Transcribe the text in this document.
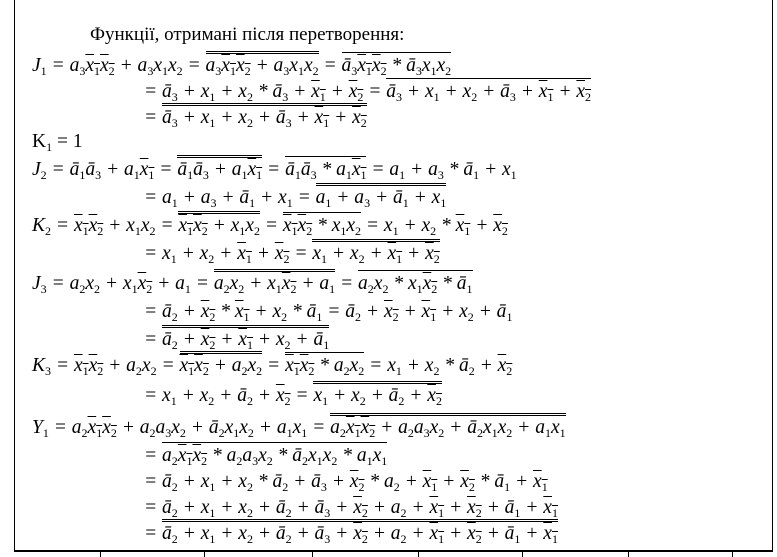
Функції, отримані після перетворення:
$J_1 = a_3x_1x_2 + a_3x_1x_2 = a_3x_1x_2 + a_3x_1x_2$ = $ā_3x_1x_2$ * $ā_3x_1x_2$
= $ā_3 + x_1 + x_2$ * $ā_3 + x_1 + x_2$ = $ā_3 + x_1 + x_2$ + $ā_3 + x_1 + x_2$
= $ā_3 + x_1 + x_2$ + $ā_3 + x_1 + x_2$
$K_1 = 1$
$J_2$ = $ā_1ā_3 + a_1x_1$ = $ā_1ā_3 + a_1x_1$ = $ā_1ā_3 * a_1x_1 = a_1 + a_3$ * $ā_1 + x_1$
= $a_1 + a_3$ + $ā_1 + x_1 = a_1 + a_3$ + $ā_1 + x_1$
$K_2 = x_1x_2 + x_1x_2 = x_1x_2 + x_1x_2 = x_1x_2 * x_1x_2 = x_1 + x_2 * x_1 + x_2$
= $x_1 + x_2 + x_1 + x_2 = x_1 + x_2 + x_1 + x_2$
$J_3 = a_2x_2 + x_1x_2 + a_1 = a_2x_2 + x_1x_2 + a_1 = a_2x_2 * x_1x_2$ * $ā_1$
= $ā_2 + x_2 * x_1 + x_2$ * $ā_1$ = $ā_2 + x_2 + x_1 + x_2$ + $ā_1$
= $ā_2 + x_2 + x_1 + x_2$ + $ā_1$
$K_3 = x_1x_2 + a_2x_2 = x_1x_2 + a_2x_2 = x_1x_2 * a_2x_2 = x_1 + x_2$ * $ā_2 + x_2$
= $x_1 + x_2$ + $ā_2 + x_2 = x_1 + x_2$ + $ā_2 + x_2$
$Y_1 = a_2x_1x_2 + a_2a_3x_2$ + $ā_2x_1x_2 + a_1x_1 = a_2x_1x_2 + a_2a_3x_2$ + $ā_2x_1x_2 + a_1x_1$
= $a_2x_1x_2 * a_2a_3x_2$ * $ā_2x_1x_2 * a_1x_1$
= $ā_2 + x_1 + x_2$ * $ā_2$ + $ā_3 + x_2 * a_2 + x_1 + x_2$ * $ā_1 + x_1$
= $ā_2 + x_1 + x_2$ + $ā_2$ + $ā_3 + x_2 + a_2 + x_1 + x_2$ + $ā_1 + x_1$
= $ā_2 + x_1 + x_2$ + $ā_2$ + $ā_3 + x_2 + a_2 + x_1 + x_2$ + $ā_1 + x_1$
